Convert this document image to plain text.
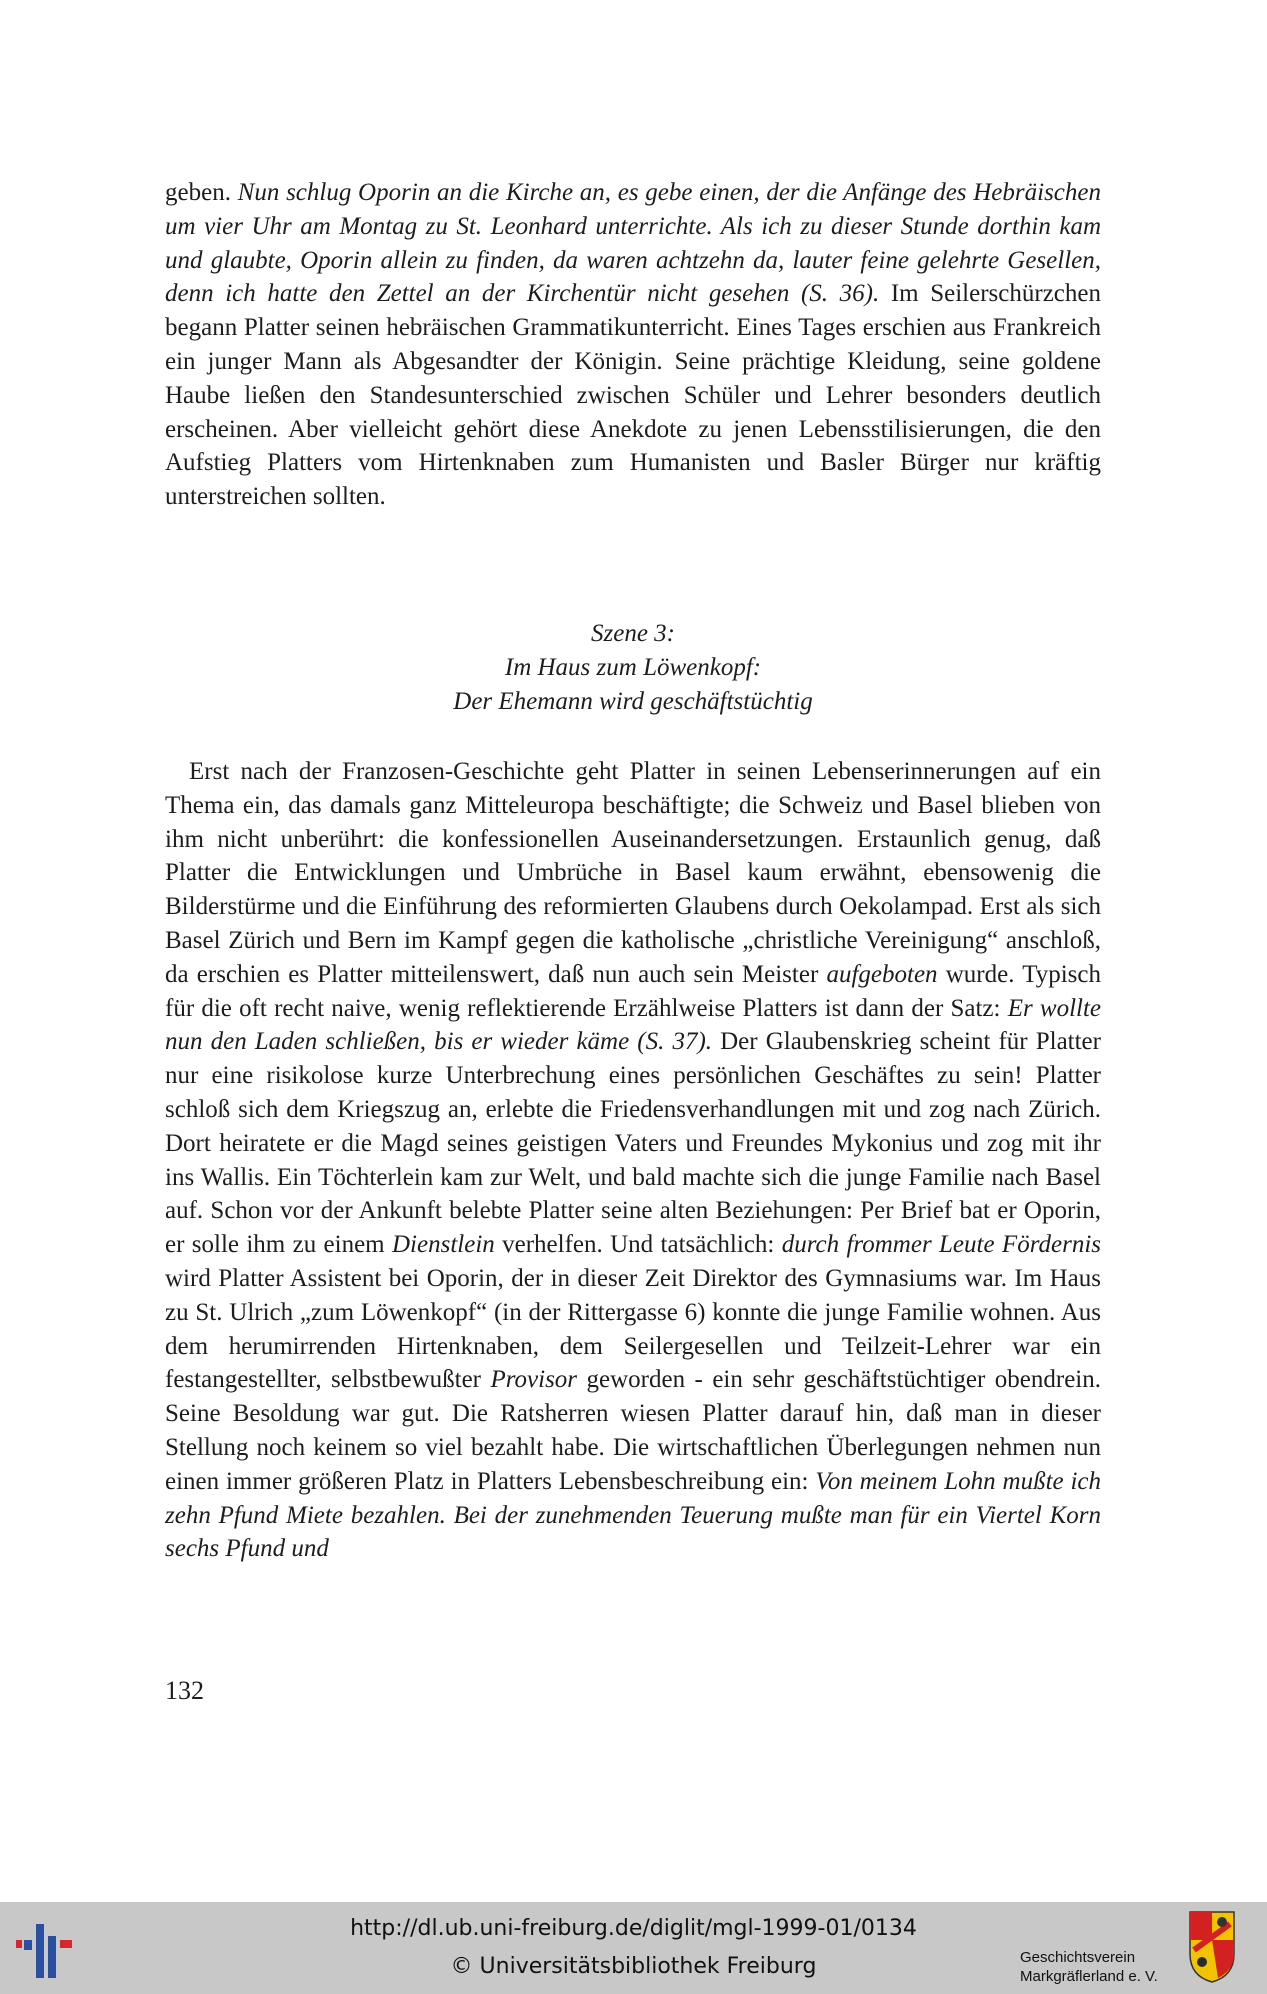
geben. Nun schlug Oporin an die Kirche an, es gebe einen, der die Anfänge des Hebräischen um vier Uhr am Montag zu St. Leonhard unterrichte. Als ich zu dieser Stunde dorthin kam und glaubte, Oporin allein zu finden, da waren achtzehn da, lauter feine gelehrte Gesellen, denn ich hatte den Zettel an der Kirchentür nicht gesehen (S. 36). Im Seilerschürzchen begann Platter seinen hebräischen Grammatikunterricht. Eines Tages erschien aus Frankreich ein junger Mann als Abgesandter der Königin. Seine prächtige Kleidung, seine goldene Haube ließen den Standesunterschied zwischen Schüler und Lehrer besonders deutlich erscheinen. Aber vielleicht gehört diese Anekdote zu jenen Lebensstilisierungen, die den Aufstieg Platters vom Hirtenknaben zum Humanisten und Basler Bürger nur kräftig unterstreichen sollten.

Szene 3:
Im Haus zum Löwenkopf:
Der Ehemann wird geschäftstüchtig

Erst nach der Franzosen-Geschichte geht Platter in seinen Lebenserinnerungen auf ein Thema ein, das damals ganz Mitteleuropa beschäftigte; die Schweiz und Basel blieben von ihm nicht unberührt: die konfessionellen Auseinandersetzungen. Erstaunlich genug, daß Platter die Entwicklungen und Umbrüche in Basel kaum erwähnt, ebensowenig die Bilderstürme und die Einführung des reformierten Glaubens durch Oekolampad. Erst als sich Basel Zürich und Bern im Kampf gegen die katholische „christliche Vereinigung“ anschloß, da erschien es Platter mitteilenswert, daß nun auch sein Meister aufgeboten wurde. Typisch für die oft recht naive, wenig reflektierende Erzählweise Platters ist dann der Satz: Er wollte nun den Laden schließen, bis er wieder käme (S. 37). Der Glaubenskrieg scheint für Platter nur eine risikolose kurze Unterbrechung eines persönlichen Geschäftes zu sein! Platter schloß sich dem Kriegszug an, erlebte die Friedensverhandlungen mit und zog nach Zürich. Dort heiratete er die Magd seines geistigen Vaters und Freundes Mykonius und zog mit ihr ins Wallis. Ein Töchterlein kam zur Welt, und bald machte sich die junge Familie nach Basel auf. Schon vor der Ankunft belebte Platter seine alten Beziehungen: Per Brief bat er Oporin, er solle ihm zu einem Dienstlein verhelfen. Und tatsächlich: durch frommer Leute Fördernis wird Platter Assistent bei Oporin, der in dieser Zeit Direktor des Gymnasiums war. Im Haus zu St. Ulrich „zum Löwenkopf“ (in der Rittergasse 6) konnte die junge Familie wohnen. Aus dem herumirrenden Hirtenknaben, dem Seilergesellen und Teilzeit-Lehrer war ein festangestellter, selbstbewußter Provisor geworden - ein sehr geschäftstüchtiger obendrein. Seine Besoldung war gut. Die Ratsherren wiesen Platter darauf hin, daß man in dieser Stellung noch keinem so viel bezahlt habe. Die wirtschaftlichen Überlegungen nehmen nun einen immer größeren Platz in Platters Lebensbeschreibung ein: Von meinem Lohn mußte ich zehn Pfund Miete bezahlen. Bei der zunehmenden Teuerung mußte man für ein Viertel Korn sechs Pfund und

132
http://dl.ub.uni-freiburg.de/diglit/mgl-1999-01/0134
© Universitätsbibliothek Freiburg	Geschichtsverein
Markgräflerland e. V.
